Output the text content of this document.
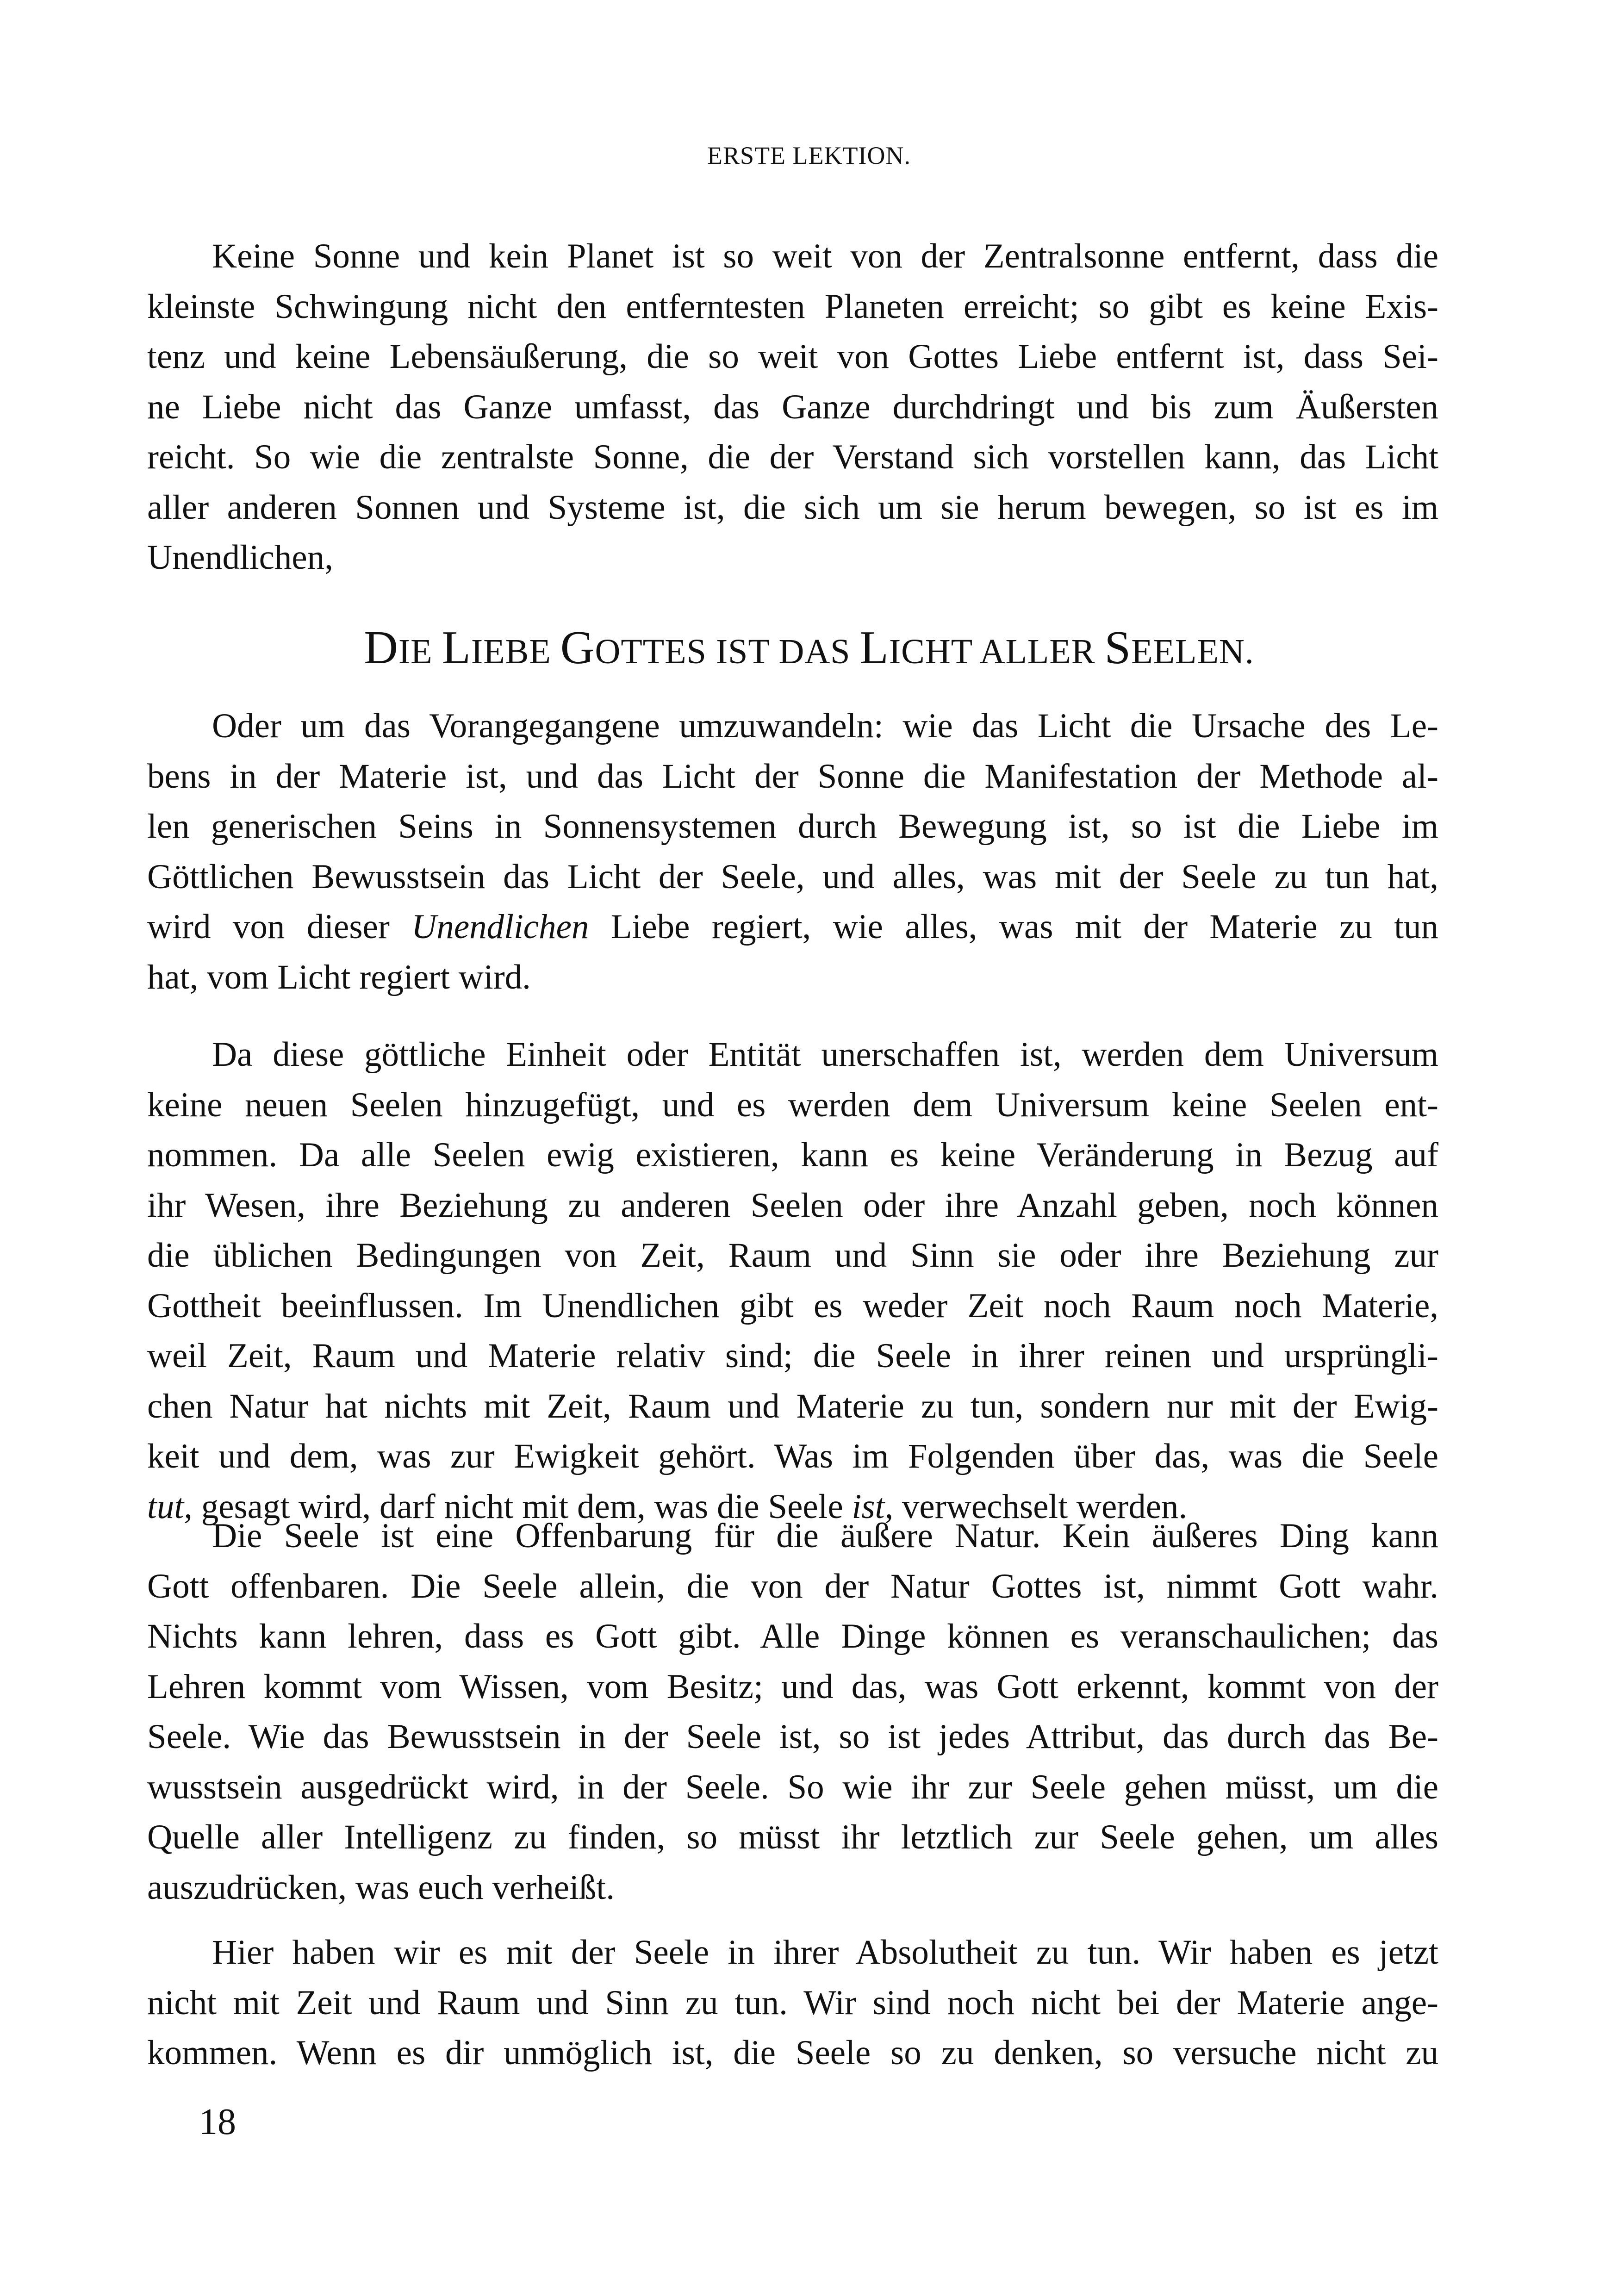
ERSTE LEKTION.
Keine Sonne und kein Planet ist so weit von der Zentralsonne entfernt, dass die
kleinste Schwingung nicht den entferntesten Planeten erreicht; so gibt es keine Exis-
tenz und keine Lebensäußerung, die so weit von Gottes Liebe entfernt ist, dass Sei-
ne Liebe nicht das Ganze umfasst, das Ganze durchdringt und bis zum Äußersten
reicht. So wie die zentralste Sonne, die der Verstand sich vorstellen kann, das Licht
aller anderen Sonnen und Systeme ist, die sich um sie herum bewegen, so ist es im
Unendlichen,
DIE LIEBE GOTTES IST DAS LICHT ALLER SEELEN.
Oder um das Vorangegangene umzuwandeln: wie das Licht die Ursache des Le-
bens in der Materie ist, und das Licht der Sonne die Manifestation der Methode al-
len generischen Seins in Sonnensystemen durch Bewegung ist, so ist die Liebe im
Göttlichen Bewusstsein das Licht der Seele, und alles, was mit der Seele zu tun hat,
wird von dieser Unendlichen Liebe regiert, wie alles, was mit der Materie zu tun
hat, vom Licht regiert wird.
Da diese göttliche Einheit oder Entität unerschaffen ist, werden dem Universum
keine neuen Seelen hinzugefügt, und es werden dem Universum keine Seelen ent-
nommen. Da alle Seelen ewig existieren, kann es keine Veränderung in Bezug auf
ihr Wesen, ihre Beziehung zu anderen Seelen oder ihre Anzahl geben, noch können
die üblichen Bedingungen von Zeit, Raum und Sinn sie oder ihre Beziehung zur
Gottheit beeinflussen. Im Unendlichen gibt es weder Zeit noch Raum noch Materie,
weil Zeit, Raum und Materie relativ sind; die Seele in ihrer reinen und ursprüngli-
chen Natur hat nichts mit Zeit, Raum und Materie zu tun, sondern nur mit der Ewig-
keit und dem, was zur Ewigkeit gehört. Was im Folgenden über das, was die Seele
tut, gesagt wird, darf nicht mit dem, was die Seele ist, verwechselt werden.
Die Seele ist eine Offenbarung für die äußere Natur. Kein äußeres Ding kann
Gott offenbaren. Die Seele allein, die von der Natur Gottes ist, nimmt Gott wahr.
Nichts kann lehren, dass es Gott gibt. Alle Dinge können es veranschaulichen; das
Lehren kommt vom Wissen, vom Besitz; und das, was Gott erkennt, kommt von der
Seele. Wie das Bewusstsein in der Seele ist, so ist jedes Attribut, das durch das Be-
wusstsein ausgedrückt wird, in der Seele. So wie ihr zur Seele gehen müsst, um die
Quelle aller Intelligenz zu finden, so müsst ihr letztlich zur Seele gehen, um alles
auszudrücken, was euch verheißt.
Hier haben wir es mit der Seele in ihrer Absolutheit zu tun. Wir haben es jetzt
nicht mit Zeit und Raum und Sinn zu tun. Wir sind noch nicht bei der Materie ange-
kommen. Wenn es dir unmöglich ist, die Seele so zu denken, so versuche nicht zu
18
